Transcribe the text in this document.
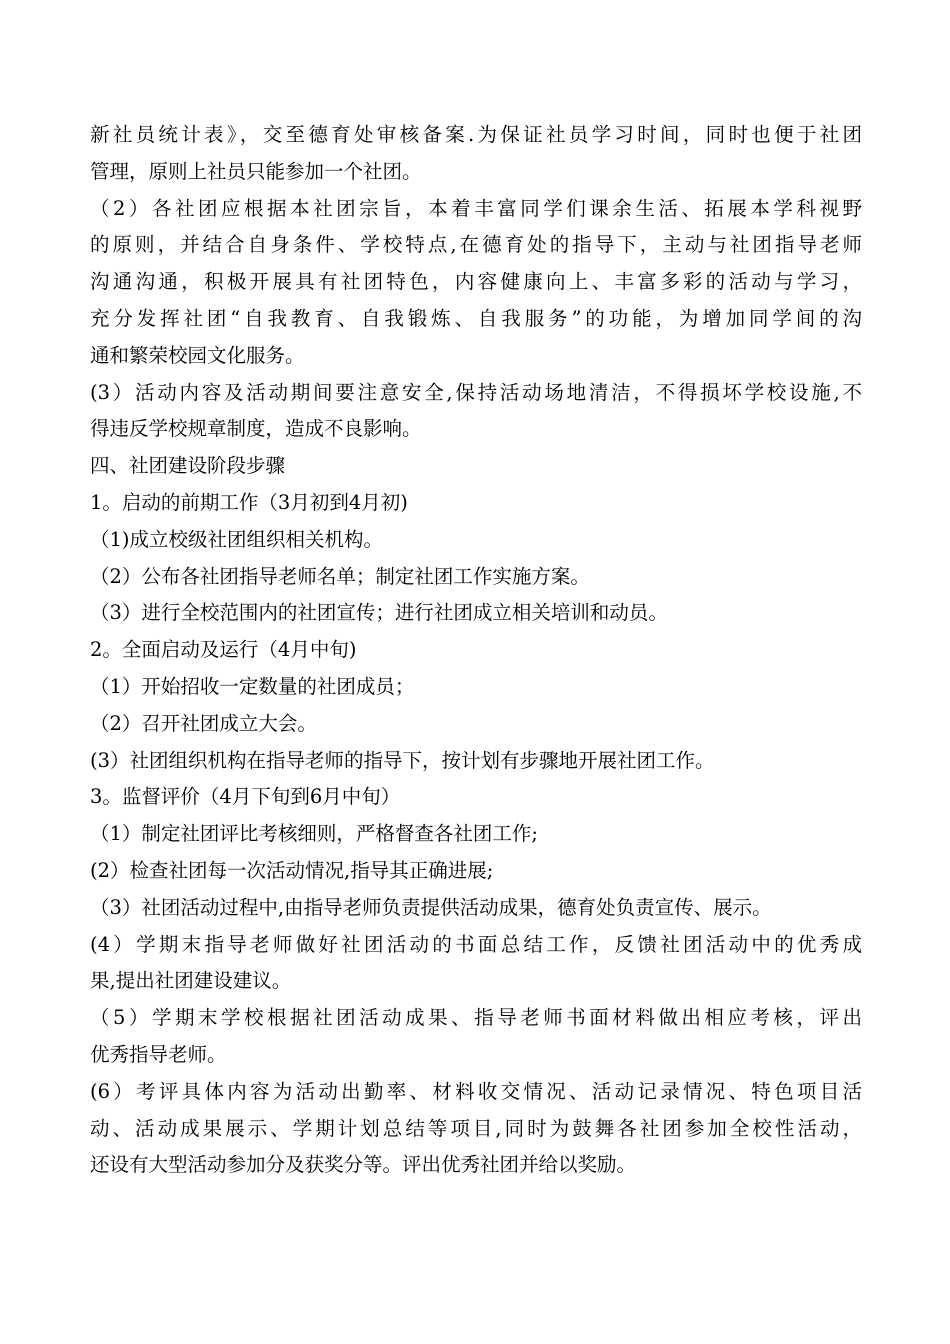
新社员统计表》，交至德育处审核备案.为保证社员学习时间，同时也便于社团
管理，原则上社员只能参加一个社团。
（2）各社团应根据本社团宗旨，本着丰富同学们课余生活、拓展本学科视野
的原则，并结合自身条件、学校特点,在德育处的指导下，主动与社团指导老师
沟通沟通，积极开展具有社团特色，内容健康向上、丰富多彩的活动与学习，
充分发挥社团“自我教育、自我锻炼、自我服务”的功能，为增加同学间的沟
通和繁荣校园文化服务。
(3）活动内容及活动期间要注意安全,保持活动场地清洁，不得损坏学校设施,不
得违反学校规章制度，造成不良影响。
四、社团建设阶段步骤
1。启动的前期工作（3月初到4月初)
（1)成立校级社团组织相关机构。
（2）公布各社团指导老师名单；制定社团工作实施方案。
（3）进行全校范围内的社团宣传；进行社团成立相关培训和动员。
2。全面启动及运行（4月中旬)
（1）开始招收一定数量的社团成员；
（2）召开社团成立大会。
(3）社团组织机构在指导老师的指导下，按计划有步骤地开展社团工作。
3。监督评价（4月下旬到6月中旬）
（1）制定社团评比考核细则，严格督查各社团工作;
(2）检查社团每一次活动情况,指导其正确进展;
（3）社团活动过程中,由指导老师负责提供活动成果，德育处负责宣传、展示。
(4）学期末指导老师做好社团活动的书面总结工作，反馈社团活动中的优秀成
果,提出社团建设建议。
（5）学期末学校根据社团活动成果、指导老师书面材料做出相应考核，评出
优秀指导老师。
(6）考评具体内容为活动出勤率、材料收交情况、活动记录情况、特色项目活
动、活动成果展示、学期计划总结等项目,同时为鼓舞各社团参加全校性活动，
还设有大型活动参加分及获奖分等。评出优秀社团并给以奖励。
